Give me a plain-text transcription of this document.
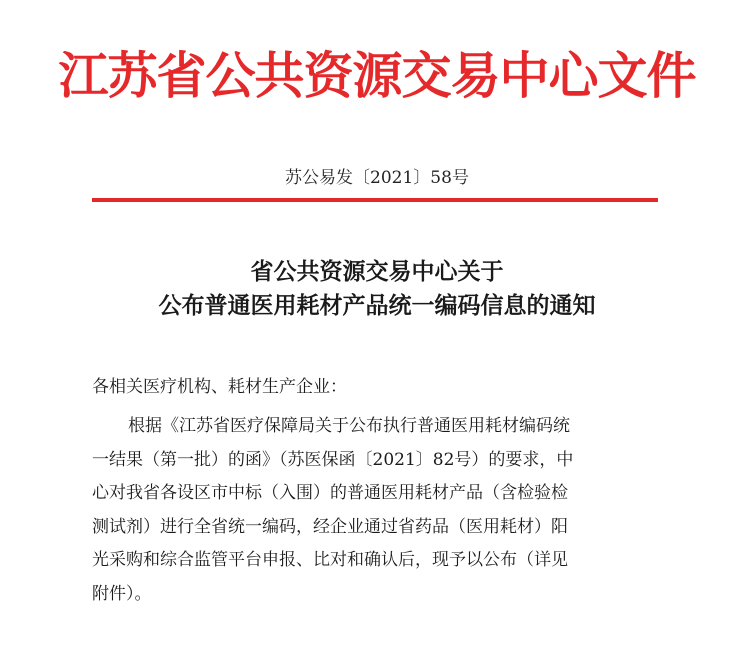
江苏省公共资源交易中心文件
苏公易发〔2021〕58号
省公共资源交易中心关于
公布普通医用耗材产品统一编码信息的通知
各相关医疗机构、耗材生产企业：
根据《江苏省医疗保障局关于公布执行普通医用耗材编码统
一结果（第一批）的函》（苏医保函〔2021〕82号）的要求，中
心对我省各设区市中标（入围）的普通医用耗材产品（含检验检
测试剂）进行全省统一编码，经企业通过省药品（医用耗材）阳
光采购和综合监管平台申报、比对和确认后，现予以公布（详见
附件）。
